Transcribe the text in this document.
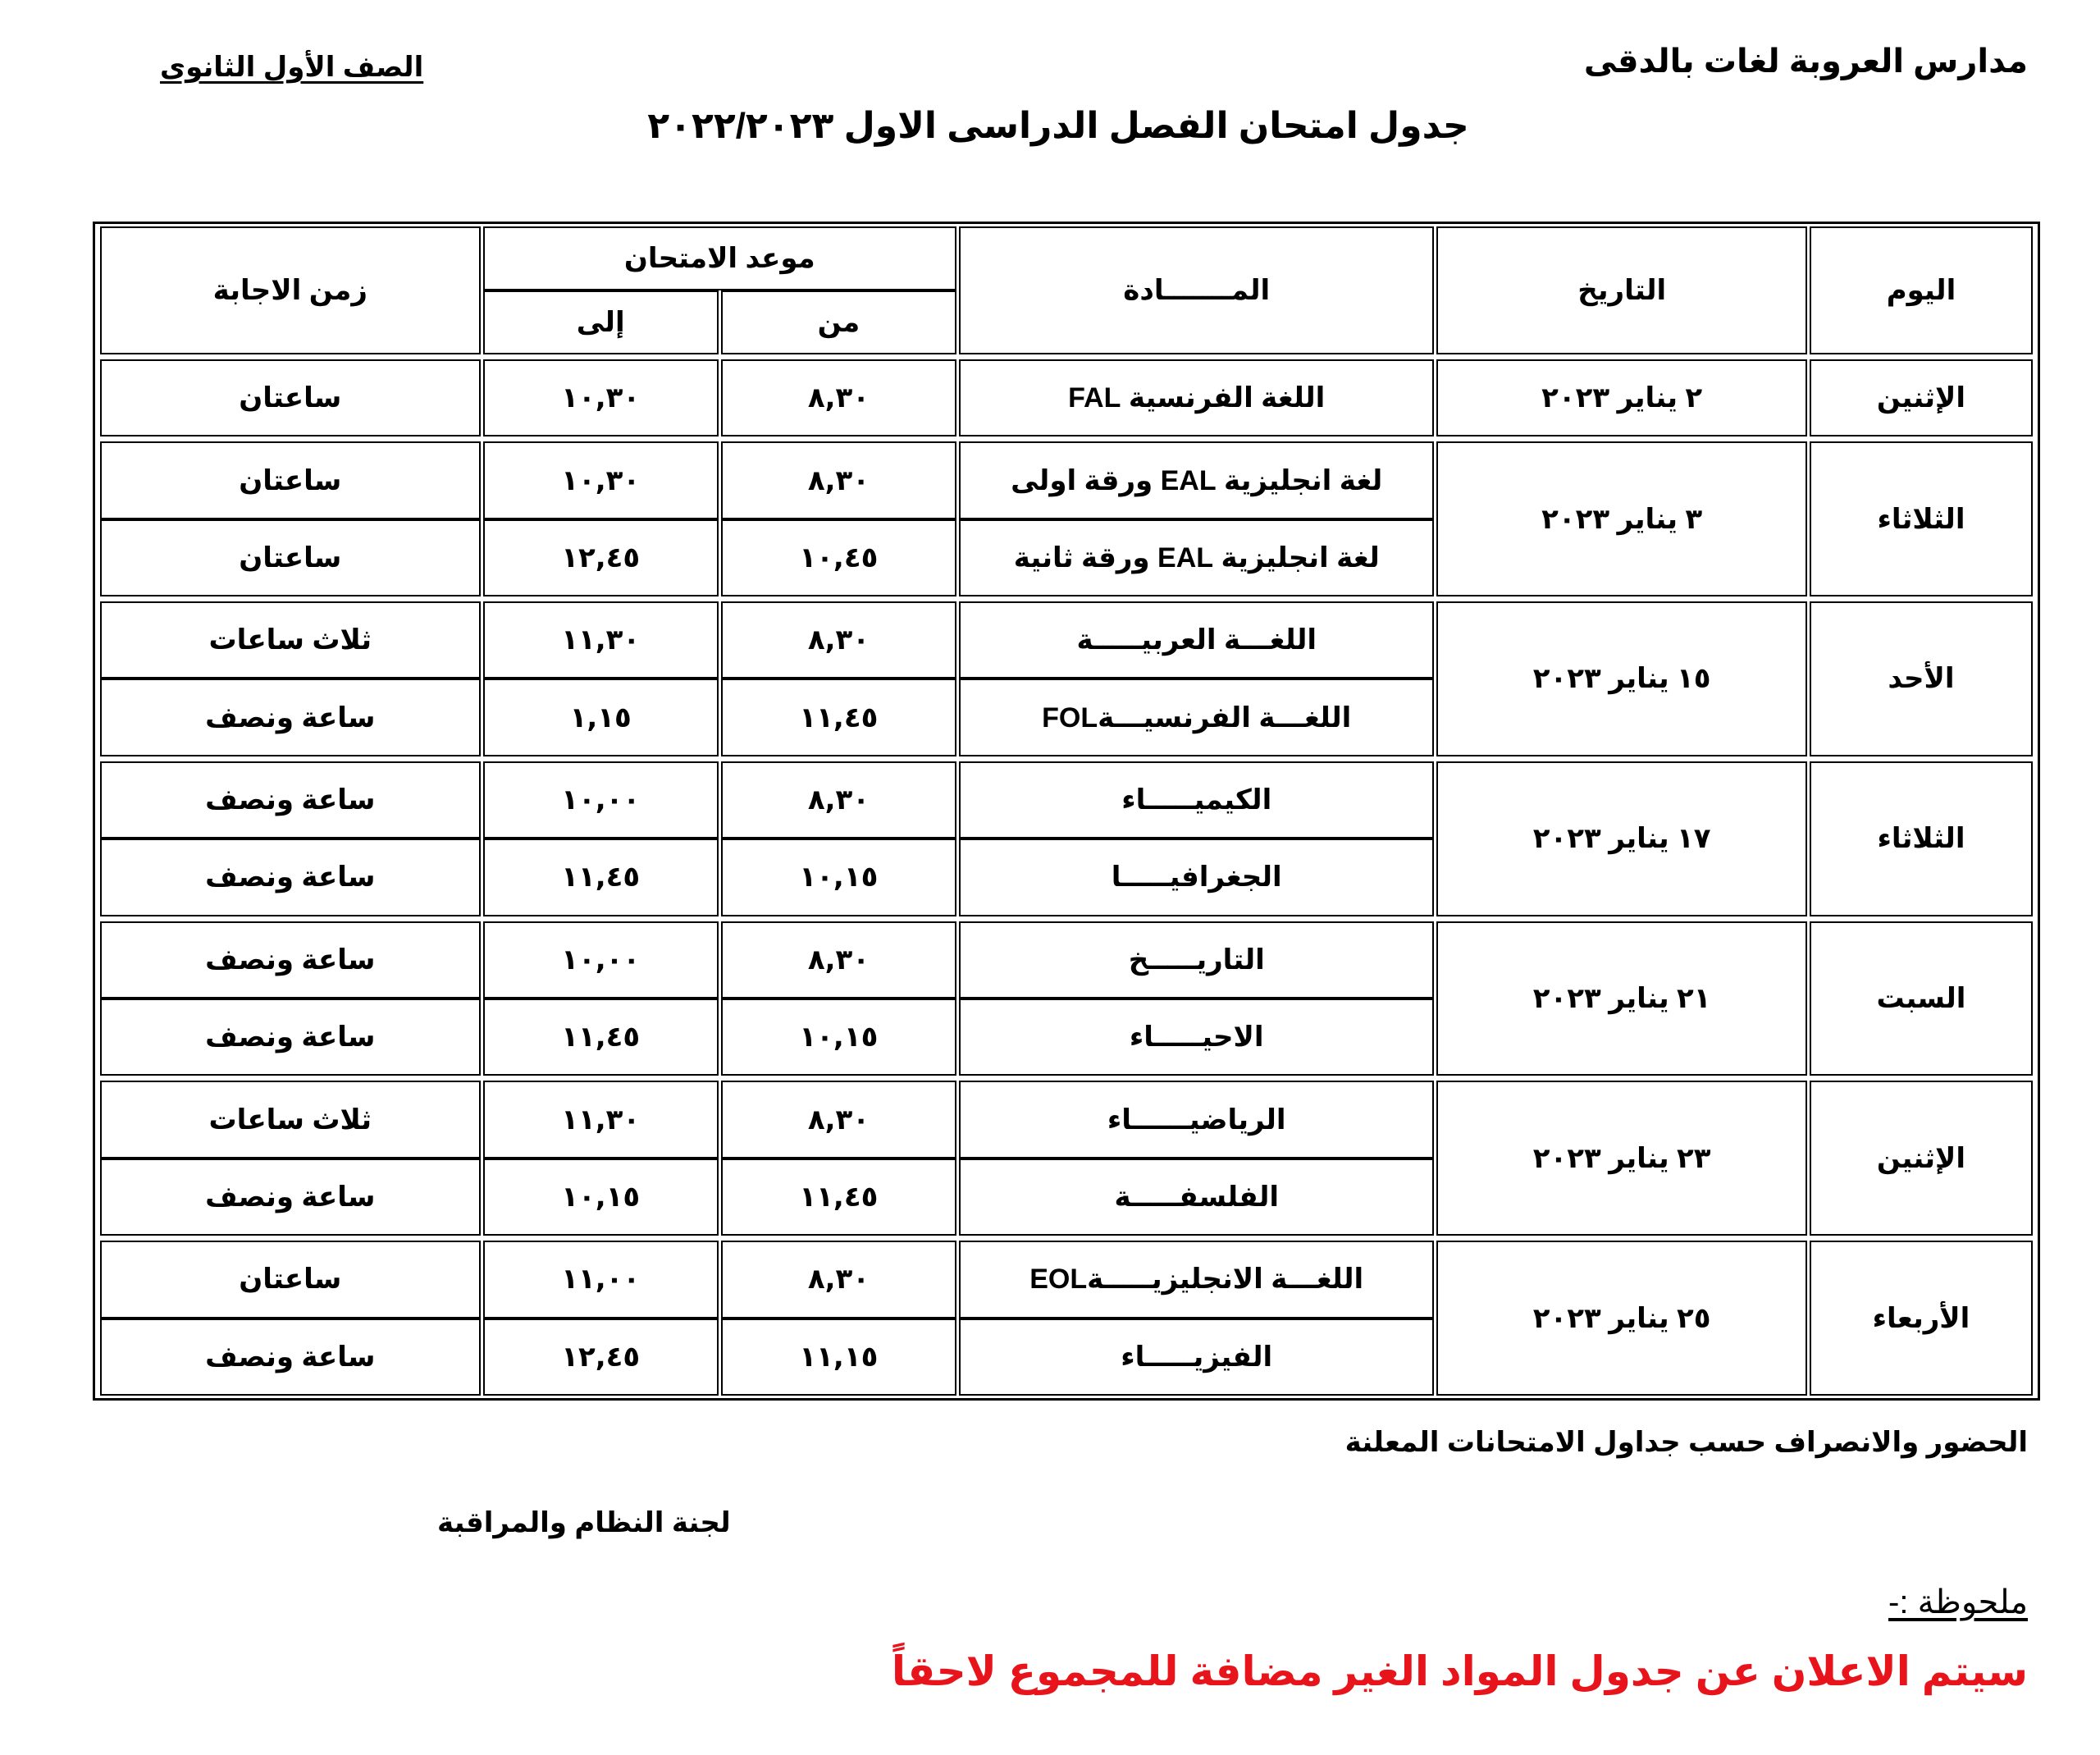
مدارس العروبة لغات بالدقى
الصف الأول الثانوى
جدول امتحان الفصل الدراسى الاول ٢٠٢٢/٢٠٢٣
اليوم	التاريخ	المـــــــادة	موعد الامتحان		زمن الاجابة
			من	إلى	

الإثنين	٢ يناير ٢٠٢٣	اللغة الفرنسية FAL	٨,٣٠	١٠,٣٠	ساعتان

الثلاثاء	٣ يناير ٢٠٢٣	لغة انجليزية EAL ورقة اولى	٨,٣٠	١٠,٣٠	ساعتان
		لغة انجليزية EAL ورقة ثانية	١٠,٤٥	١٢,٤٥	ساعتان

الأحد	١٥ يناير ٢٠٢٣	اللغـــة العربيـــــة	٨,٣٠	١١,٣٠	ثلاث ساعات
		اللغـــة الفرنسيـــةFOL	١١,٤٥	١,١٥	ساعة ونصف

الثلاثاء	١٧ يناير ٢٠٢٣	الكيميـــــاء	٨,٣٠	١٠,٠٠	ساعة ونصف
		الجغرافيـــــا	١٠,١٥	١١,٤٥	ساعة ونصف

السبت	٢١ يناير ٢٠٢٣	التاريـــــخ	٨,٣٠	١٠,٠٠	ساعة ونصف
		الاحيـــــاء	١٠,١٥	١١,٤٥	ساعة ونصف

الإثنين	٢٣ يناير ٢٠٢٣	الرياضيــــــاء	٨,٣٠	١١,٣٠	ثلاث ساعات
		الفلسفـــــة	١١,٤٥	١٠,١٥	ساعة ونصف

الأربعاء	٢٥ يناير ٢٠٢٣	اللغـــة الانجليزيـــــةEOL	٨,٣٠	١١,٠٠	ساعتان
		الفيزيـــــاء	١١,١٥	١٢,٤٥	ساعة ونصف
الحضور والانصراف حسب جداول الامتحانات المعلنة
لجنة النظام والمراقبة
ملحوظة :-
سيتم الاعلان عن جدول المواد الغير مضافة للمجموع لاحقاً
